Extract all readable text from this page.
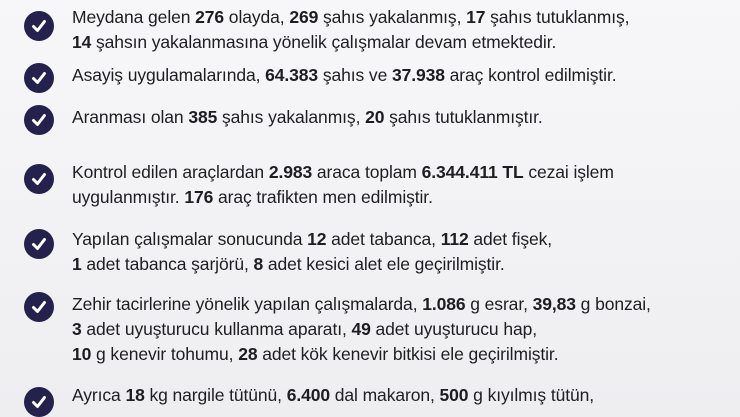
Meydana gelen 276 olayda, 269 şahıs yakalanmış, 17 şahıs tutuklanmış,
14 şahsın yakalanmasına yönelik çalışmalar devam etmektedir.
Asayiş uygulamalarında, 64.383 şahıs ve 37.938 araç kontrol edilmiştir.
Aranması olan 385 şahıs yakalanmış, 20 şahıs tutuklanmıştır.
Kontrol edilen araçlardan 2.983 araca toplam 6.344.411 TL cezai işlem
uygulanmıştır. 176 araç trafikten men edilmiştir.
Yapılan çalışmalar sonucunda 12 adet tabanca, 112 adet fişek,
1 adet tabanca şarjörü, 8 adet kesici alet ele geçirilmiştir.
Zehir tacirlerine yönelik yapılan çalışmalarda, 1.086 g esrar, 39,83 g bonzai,
3 adet uyuşturucu kullanma aparatı, 49 adet uyuşturucu hap,
10 g kenevir tohumu, 28 adet kök kenevir bitkisi ele geçirilmiştir.
Ayrıca 18 kg nargile tütünü, 6.400 dal makaron, 500 g kıyılmış tütün,
